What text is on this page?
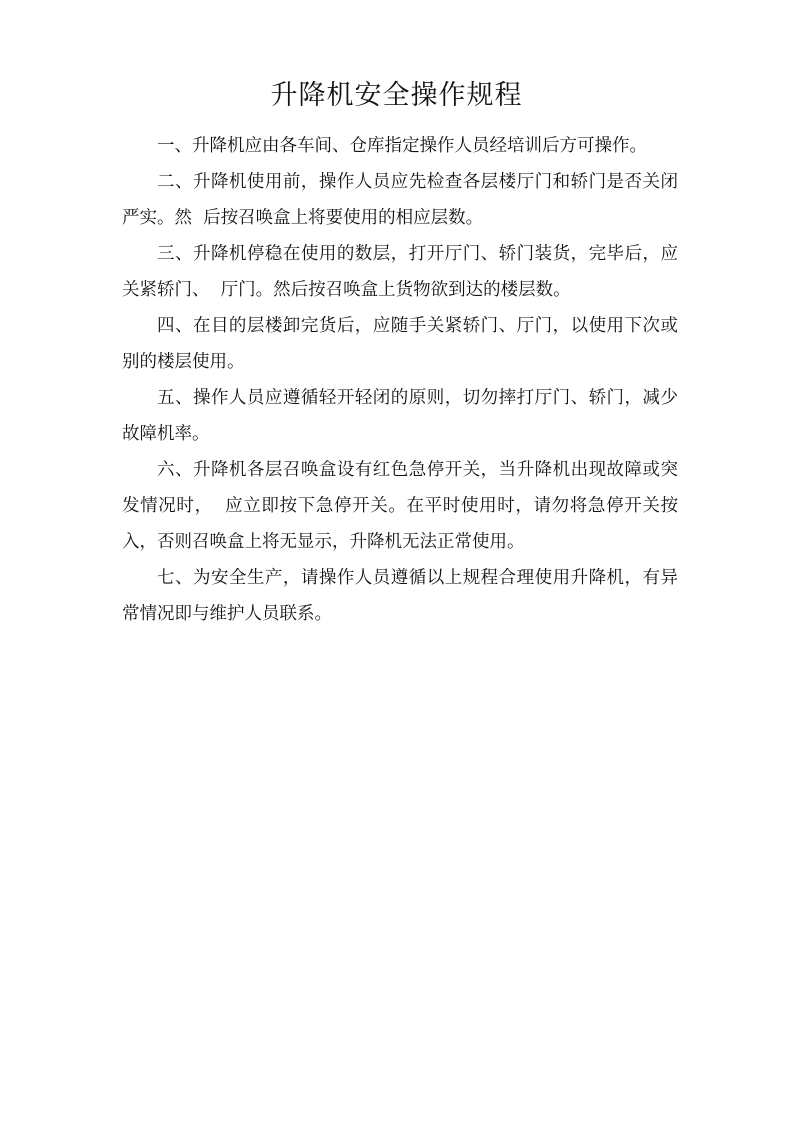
升降机安全操作规程

一、升降机应由各车间、仓库指定操作人员经培训后方可操作。

二、升降机使用前，操作人员应先检查各层楼厅门和轿门是否关闭严实。然  后按召唤盒上将要使用的相应层数。

三、升降机停稳在使用的数层，打开厅门、轿门装货，完毕后，应关紧轿门、  厅门。然后按召唤盒上货物欲到达的楼层数。

四、在目的层楼卸完货后，应随手关紧轿门、厅门，以使用下次或别的楼层使用。

五、操作人员应遵循轻开轻闭的原则，切勿摔打厅门、轿门，减少故障机率。

六、升降机各层召唤盒设有红色急停开关，当升降机出现故障或突发情况时，  应立即按下急停开关。在平时使用时，请勿将急停开关按入，否则召唤盒上将无显示，升降机无法正常使用。

七、为安全生产，请操作人员遵循以上规程合理使用升降机，有异常情况即与维护人员联系。
